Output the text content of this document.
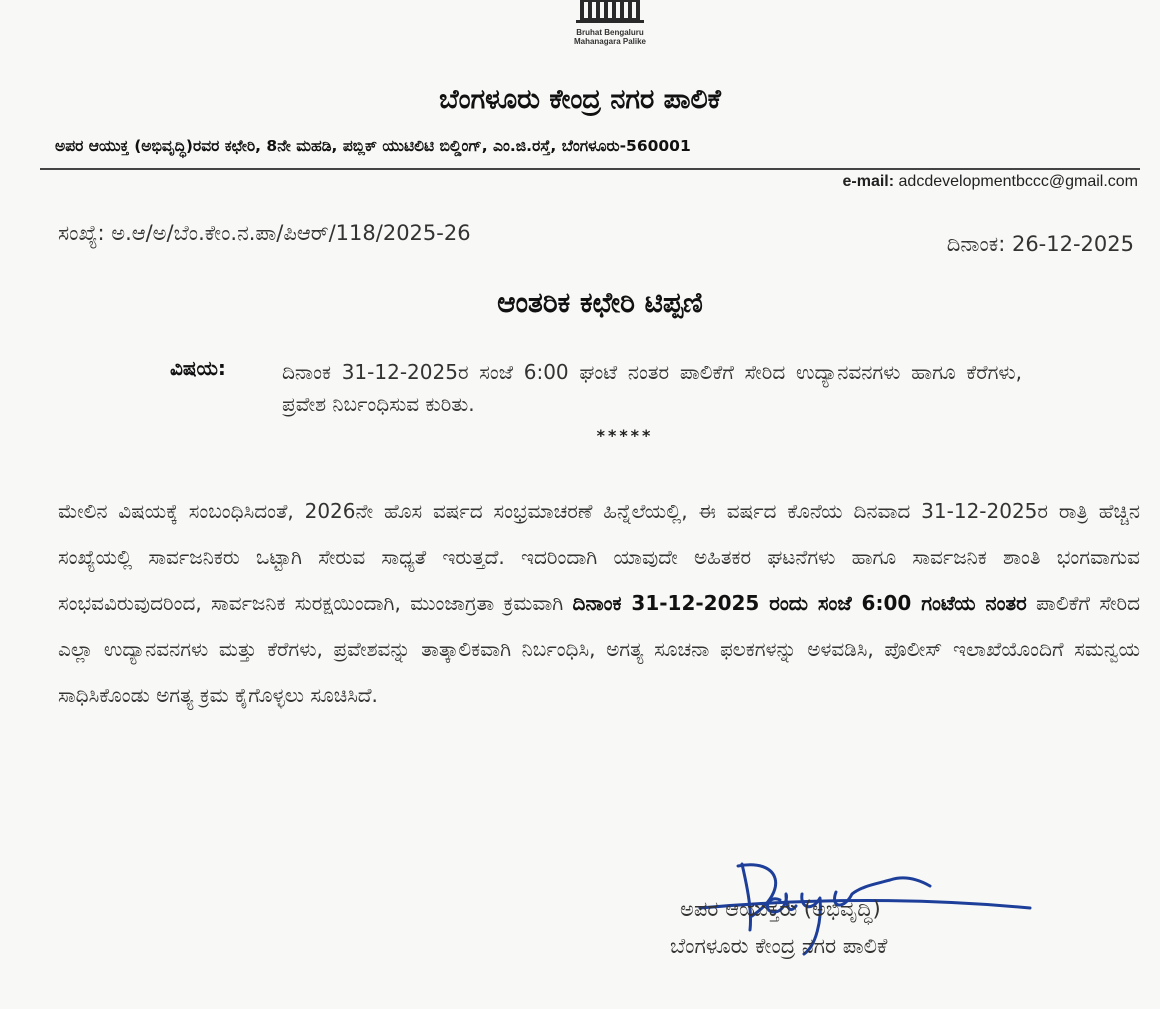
Bruhat Bengaluru
Mahanagara Palike
ಬೆಂಗಳೂರು ಕೇಂದ್ರ ನಗರ ಪಾಲಿಕೆ
ಅಪರ ಆಯುಕ್ತ (ಅಭಿವೃದ್ಧಿ)ರವರ ಕಛೇರಿ, 8ನೇ ಮಹಡಿ, ಪಬ್ಲಿಕ್ ಯುಟಿಲಿಟಿ ಬಿಲ್ಡಿಂಗ್, ಎಂ.ಜಿ.ರಸ್ತೆ, ಬೆಂಗಳೂರು-560001
e-mail: adcdevelopmentbccc@gmail.com
ಸಂಖ್ಯೆ: ಅ.ಆ/ಅ/ಬೆಂ.ಕೇಂ.ನ.ಪಾ/ಪಿಆರ್/118/2025-26	ದಿನಾಂಕ: 26-12-2025
ಆಂತರಿಕ ಕಛೇರಿ ಟಿಪ್ಪಣಿ
ವಿಷಯ:	ದಿನಾಂಕ 31-12-2025ರ ಸಂಜೆ 6:00 ಘಂಟೆ ನಂತರ ಪಾಲಿಕೆಗೆ ಸೇರಿದ ಉದ್ಯಾನವನಗಳು ಹಾಗೂ ಕೆರೆಗಳು, ಪ್ರವೇಶ ನಿರ್ಬಂಧಿಸುವ ಕುರಿತು.
*****
ಮೇಲಿನ ವಿಷಯಕ್ಕೆ ಸಂಬಂಧಿಸಿದಂತೆ, 2026ನೇ ಹೊಸ ವರ್ಷದ ಸಂಭ್ರಮಾಚರಣೆ ಹಿನ್ನೆಲೆಯಲ್ಲಿ, ಈ ವರ್ಷದ ಕೊನೆಯ ದಿನವಾದ 31-12-2025ರ ರಾತ್ರಿ ಹೆಚ್ಚಿನ ಸಂಖ್ಯೆಯಲ್ಲಿ ಸಾರ್ವಜನಿಕರು ಒಟ್ಟಾಗಿ ಸೇರುವ ಸಾಧ್ಯತೆ ಇರುತ್ತದೆ. ಇದರಿಂದಾಗಿ ಯಾವುದೇ ಅಹಿತಕರ ಘಟನೆಗಳು ಹಾಗೂ ಸಾರ್ವಜನಿಕ ಶಾಂತಿ ಭಂಗವಾಗುವ ಸಂಭವವಿರುವುದರಿಂದ, ಸಾರ್ವಜನಿಕ ಸುರಕ್ಷಯಿಂದಾಗಿ, ಮುಂಜಾಗ್ರತಾ ಕ್ರಮವಾಗಿ ದಿನಾಂಕ 31-12-2025 ರಂದು ಸಂಜೆ 6:00 ಗಂಟೆಯ ನಂತರ ಪಾಲಿಕೆಗೆ ಸೇರಿದ ಎಲ್ಲಾ ಉದ್ಯಾನವನಗಳು ಮತ್ತು ಕೆರೆಗಳು, ಪ್ರವೇಶವನ್ನು ತಾತ್ಕಾಲಿಕವಾಗಿ ನಿರ್ಬಂಧಿಸಿ, ಅಗತ್ಯ ಸೂಚನಾ ಫಲಕಗಳನ್ನು ಅಳವಡಿಸಿ, ಪೊಲೀಸ್ ಇಲಾಖೆಯೊಂದಿಗೆ ಸಮನ್ವಯ ಸಾಧಿಸಿಕೊಂಡು ಅಗತ್ಯ ಕ್ರಮ ಕೈಗೊಳ್ಳಲು ಸೂಚಿಸಿದೆ.
ಅಪರ ಆಯುಕ್ತರು (ಅಭಿವೃದ್ಧಿ)
ಬೆಂಗಳೂರು ಕೇಂದ್ರ ನಗರ ಪಾಲಿಕೆ
